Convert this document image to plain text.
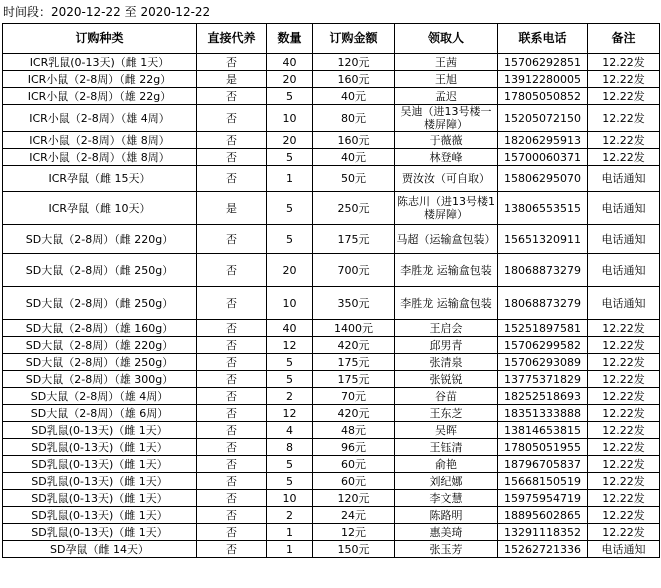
时间段：2020-12-22 至 2020-12-22
订购种类	直接代养	数量	订购金额	领取人	联系电话	备注
ICR乳鼠(0-13天)（雌 1天）	否	40	120元	王茜	15706292851	12.22发
ICR小鼠（2-8周）（雌 22g）	是	20	160元	王旭	13912280005	12.22发
ICR小鼠（2-8周）（雄 22g）	否	5	40元	孟迟	17805050852	12.22发
ICR小鼠（2-8周）（雄 4周）	否	10	80元	吴迪（进13号楼一楼屏障）	15205072150	12.22发
ICR小鼠（2-8周）（雄 8周）	否	20	160元	于薇薇	18206295913	12.22发
ICR小鼠（2-8周）（雄 8周）	否	5	40元	林登峰	15700060371	12.22发
ICR孕鼠（雌 15天）	否	1	50元	贾汝汝（可自取）	15806295070	电话通知
ICR孕鼠（雌 10天）	是	5	250元	陈志川（进13号楼1楼屏障）	13806553515	电话通知
SD大鼠（2-8周）（雌 220g）	否	5	175元	马超（运输盒包装）	15651320911	电话通知
SD大鼠（2-8周）（雌 250g）	否	20	700元	李胜龙 运输盒包装	18068873279	电话通知
SD大鼠（2-8周）（雌 250g）	否	10	350元	李胜龙 运输盒包装	18068873279	电话通知
SD大鼠（2-8周）（雄 160g）	否	40	1400元	王启会	15251897581	12.22发
SD大鼠（2-8周）（雄 220g）	否	12	420元	邱男青	15706299582	12.22发
SD大鼠（2-8周）（雄 250g）	否	5	175元	张清泉	15706293089	12.22发
SD大鼠（2-8周）（雄 300g）	否	5	175元	张锐锐	13775371829	12.22发
SD大鼠（2-8周）（雄 4周）	否	2	70元	谷苗	18252518693	12.22发
SD大鼠（2-8周）（雄 6周）	否	12	420元	王东芝	18351333888	12.22发
SD乳鼠(0-13天)（雌 1天）	否	4	48元	吴晖	13814653815	12.22发
SD乳鼠(0-13天)（雌 1天）	否	8	96元	王钰清	17805051955	12.22发
SD乳鼠(0-13天)（雌 1天）	否	5	60元	俞艳	18796705837	12.22发
SD乳鼠(0-13天)（雌 1天）	否	5	60元	刘纪娜	15668150519	12.22发
SD乳鼠(0-13天)（雌 1天）	否	10	120元	李文慧	15975954719	12.22发
SD乳鼠(0-13天)（雌 1天）	否	2	24元	陈路明	18895602865	12.22发
SD乳鼠(0-13天)（雌 1天）	否	1	12元	惠美琦	13291118352	12.22发
SD孕鼠（雌 14天）	否	1	150元	张玉芳	15262721336	电话通知
